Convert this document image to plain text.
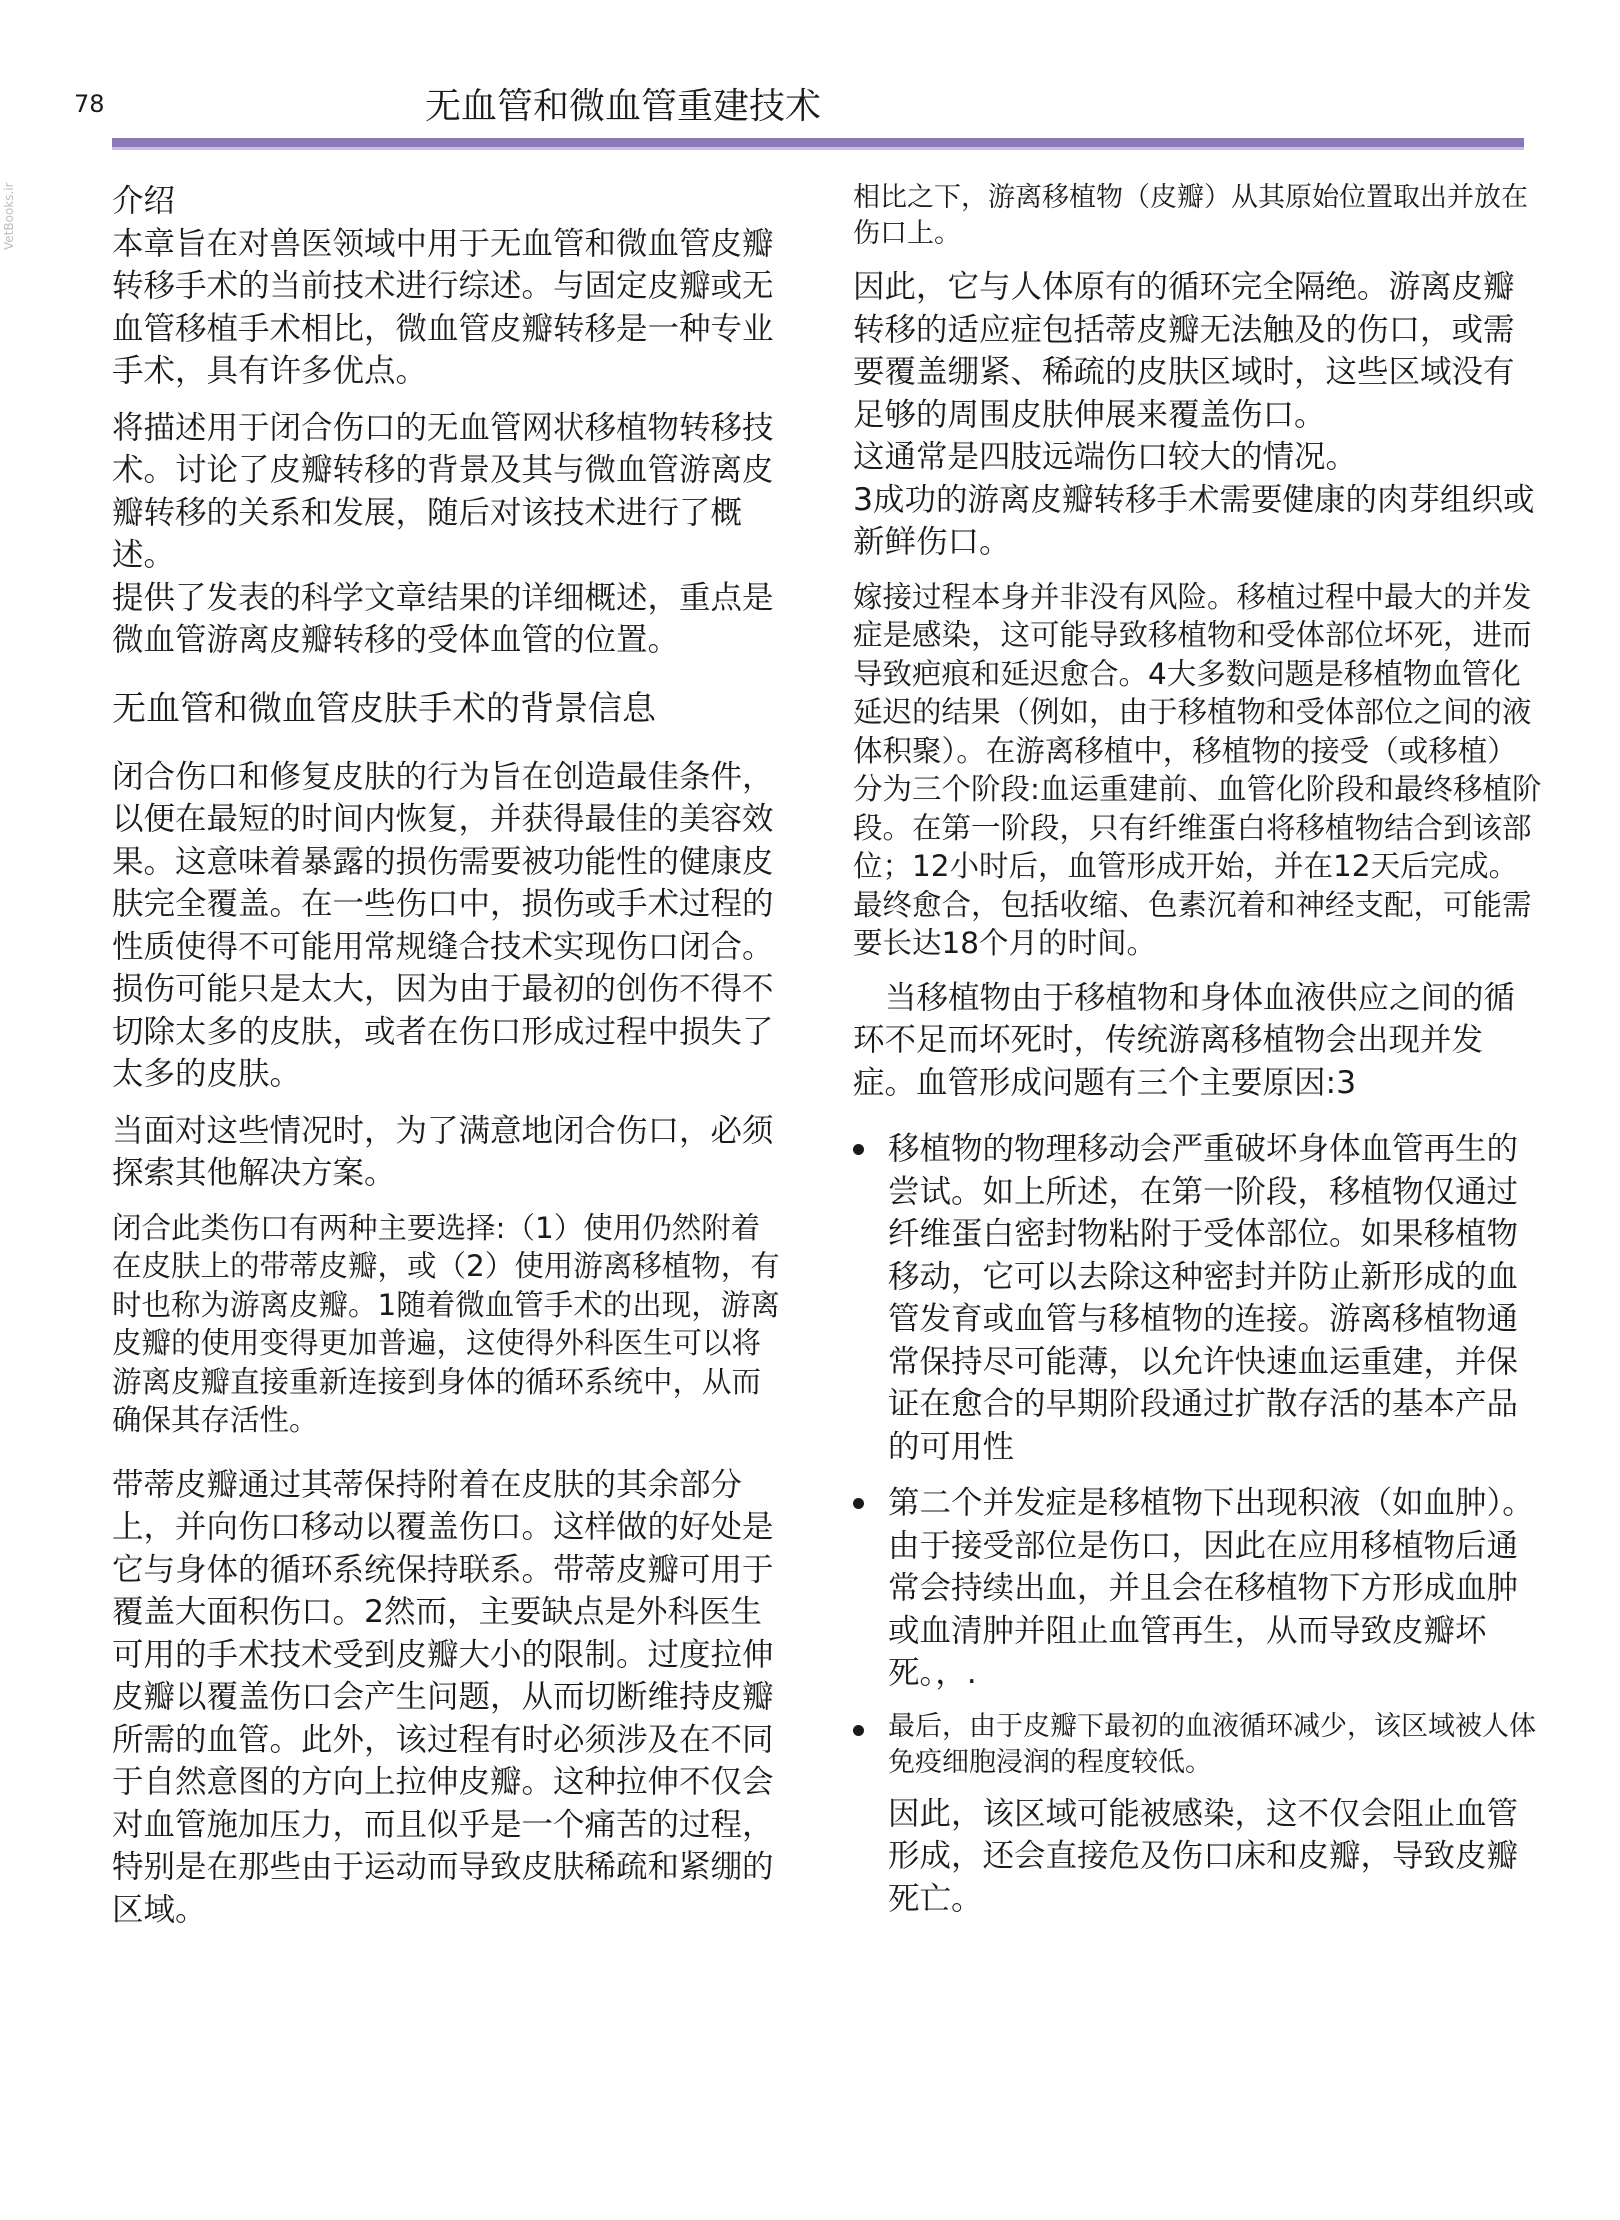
VetBooks.ir
78	无血管和微血管重建技术

介绍

本章旨在对兽医领域中用于无血管和微血管皮瓣转移手术的当前技术进行综述。与固定皮瓣或无血管移植手术相比，微血管皮瓣转移是一种专业手术，具有许多优点。

将描述用于闭合伤口的无血管网状移植物转移技术。讨论了皮瓣转移的背景及其与微血管游离皮瓣转移的关系和发展，随后对该技术进行了概述。

提供了发表的科学文章结果的详细概述，重点是微血管游离皮瓣转移的受体血管的位置。

无血管和微血管皮肤手术的背景信息

闭合伤口和修复皮肤的行为旨在创造最佳条件，以便在最短的时间内恢复，并获得最佳的美容效果。这意味着暴露的损伤需要被功能性的健康皮肤完全覆盖。在一些伤口中，损伤或手术过程的性质使得不可能用常规缝合技术实现伤口闭合。损伤可能只是太大，因为由于最初的创伤不得不切除太多的皮肤，或者在伤口形成过程中损失了太多的皮肤。

当面对这些情况时，为了满意地闭合伤口，必须探索其他解决方案。

闭合此类伤口有两种主要选择:（1）使用仍然附着在皮肤上的带蒂皮瓣，或（2）使用游离移植物，有时也称为游离皮瓣。1随着微血管手术的出现，游离皮瓣的使用变得更加普遍，这使得外科医生可以将游离皮瓣直接重新连接到身体的循环系统中，从而确保其存活性。

带蒂皮瓣通过其蒂保持附着在皮肤的其余部分上，并向伤口移动以覆盖伤口。这样做的好处是它与身体的循环系统保持联系。带蒂皮瓣可用于覆盖大面积伤口。2然而，主要缺点是外科医生可用的手术技术受到皮瓣大小的限制。过度拉伸皮瓣以覆盖伤口会产生问题，从而切断维持皮瓣所需的血管。此外，该过程有时必须涉及在不同于自然意图的方向上拉伸皮瓣。这种拉伸不仅会对血管施加压力，而且似乎是一个痛苦的过程，特别是在那些由于运动而导致皮肤稀疏和紧绷的区域。

相比之下，游离移植物（皮瓣）从其原始位置取出并放在伤口上。

因此，它与人体原有的循环完全隔绝。游离皮瓣转移的适应症包括蒂皮瓣无法触及的伤口，或需要覆盖绷紧、稀疏的皮肤区域时，这些区域没有足够的周围皮肤伸展来覆盖伤口。

这通常是四肢远端伤口较大的情况。

3成功的游离皮瓣转移手术需要健康的肉芽组织或新鲜伤口。

嫁接过程本身并非没有风险。移植过程中最大的并发症是感染，这可能导致移植物和受体部位坏死，进而导致疤痕和延迟愈合。4大多数问题是移植物血管化延迟的结果（例如，由于移植物和受体部位之间的液体积聚）。在游离移植中，移植物的接受（或移植）分为三个阶段:血运重建前、血管化阶段和最终移植阶段。在第一阶段，只有纤维蛋白将移植物结合到该部位；12小时后，血管形成开始，并在12天后完成。最终愈合，包括收缩、色素沉着和神经支配，可能需要长达18个月的时间。

当移植物由于移植物和身体血液供应之间的循环不足而坏死时，传统游离移植物会出现并发症。血管形成问题有三个主要原因:3

移植物的物理移动会严重破坏身体血管再生的尝试。如上所述，在第一阶段，移植物仅通过纤维蛋白密封物粘附于受体部位。如果移植物移动，它可以去除这种密封并防止新形成的血管发育或血管与移植物的连接。游离移植物通常保持尽可能薄，以允许快速血运重建，并保证在愈合的早期阶段通过扩散存活的基本产品的可用性
第二个并发症是移植物下出现积液（如血肿）。由于接受部位是伤口，因此在应用移植物后通常会持续出血，并且会在移植物下方形成血肿或血清肿并阻止血管再生，从而导致皮瓣坏死。，.
最后，由于皮瓣下最初的血液循环减少，该区域被人体免疫细胞浸润的程度较低。
因此，该区域可能被感染，这不仅会阻止血管形成，还会直接危及伤口床和皮瓣，导致皮瓣死亡。
